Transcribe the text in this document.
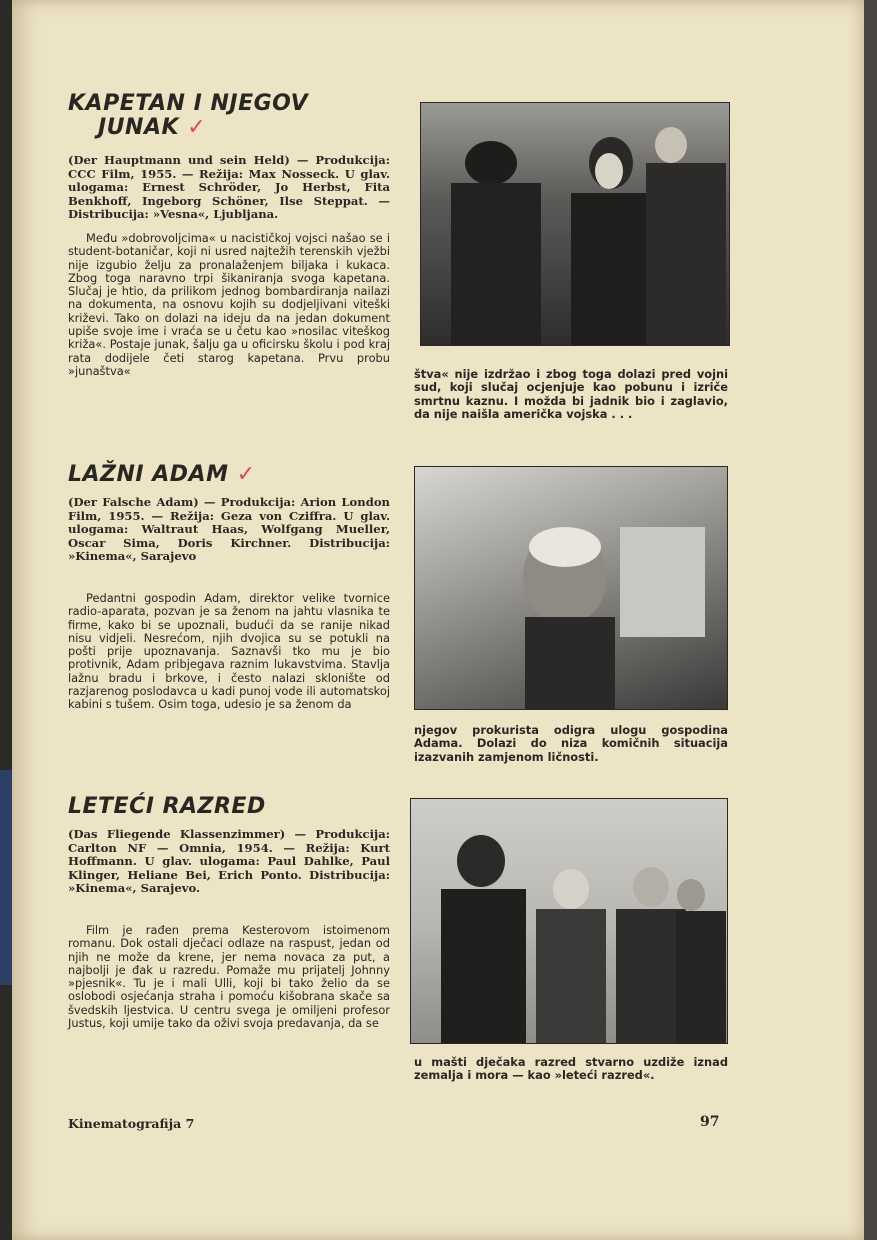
KAPETAN I NJEGOV
JUNAK ✓

(Der Hauptmann und sein Held) — Produkcija: CCC Film, 1955. — Režija: Max Nosseck. U glav. ulogama: Ernest Schröder, Jo Herbst, Fita Benkhoff, Ingeborg Schöner, Ilse Steppat. — Distribucija: »Vesna«, Ljubljana.

Među »dobrovoljcima« u nacističkoj vojsci našao se i student-botaničar, koji ni usred najtežih terenskih vježbi nije izgubio želju za pronalaženjem biljaka i kukaca. Zbog toga naravno trpi šikaniranja svoga kapetana. Slučaj je htio, da prilikom jednog bombardiranja nailazi na dokumenta, na osnovu kojih su dodjeljivani viteški križevi. Tako on dolazi na ideju da na jedan dokument upiše svoje ime i vraća se u četu kao »nosilac viteškog križa«. Postaje junak, šalju ga u oficirsku školu i pod kraj rata dodijele četi starog kapetana. Prvu probu »junaštva«	štva« nije izdržao i zbog toga dolazi pred vojni sud, koji slučaj ocjenjuje kao pobunu i izriče smrtnu kaznu. I možda bi jadnik bio i zaglavio, da nije naišla američka vojska . . .

LAŽNI ADAM ✓

(Der Falsche Adam) — Produkcija: Arion London Film, 1955. — Režija: Geza von Cziffra. U glav. ulogama: Waltraut Haas, Wolfgang Mueller, Oscar Sima, Doris Kirchner. Distribucija: »Kinema«, Sarajevo

Pedantni gospodin Adam, direktor velike tvornice radio-aparata, pozvan je sa ženom na jahtu vlasnika te firme, kako bi se upoznali, budući da se ranije nikad nisu vidjeli. Nesrećom, njih dvojica su se potukli na pošti prije upoznavanja. Saznavši tko mu je bio protivnik, Adam pribjegava raznim lukavstvima. Stavlja lažnu bradu i brkove, i često nalazi sklonište od razjarenog poslodavca u kadi punoj vode ili automatskoj kabini s tušem. Osim toga, udesio je sa ženom da

njegov prokurista odigra ulogu gospodina Adama. Dolazi do niza komičnih situacija izazvanih zamjenom ličnosti.

LETEĆI RAZRED

(Das Fliegende Klassenzimmer) — Produkcija: Carlton NF — Omnia, 1954. — Režija: Kurt Hoffmann. U glav. ulogama: Paul Dahlke, Paul Klinger, Heliane Bei, Erich Ponto. Distribucija: »Kinema«, Sarajevo.

Film je rađen prema Kesterovom istoimenom romanu. Dok ostali dječaci odlaze na raspust, jedan od njih ne može da krene, jer nema novaca za put, a najbolji je đak u razredu. Pomaže mu prijatelj Johnny »pjesnik«. Tu je i mali Ulli, koji bi tako želio da se oslobodi osjećanja straha i pomoću kišobrana skače sa švedskih ljestvica. U centru svega je omiljeni profesor Justus, koji umije tako da oživi svoja predavanja, da se

u mašti dječaka razred stvarno uzdiže iznad zemalja i mora — kao »leteći razred«.

Kinematografija 7	97
